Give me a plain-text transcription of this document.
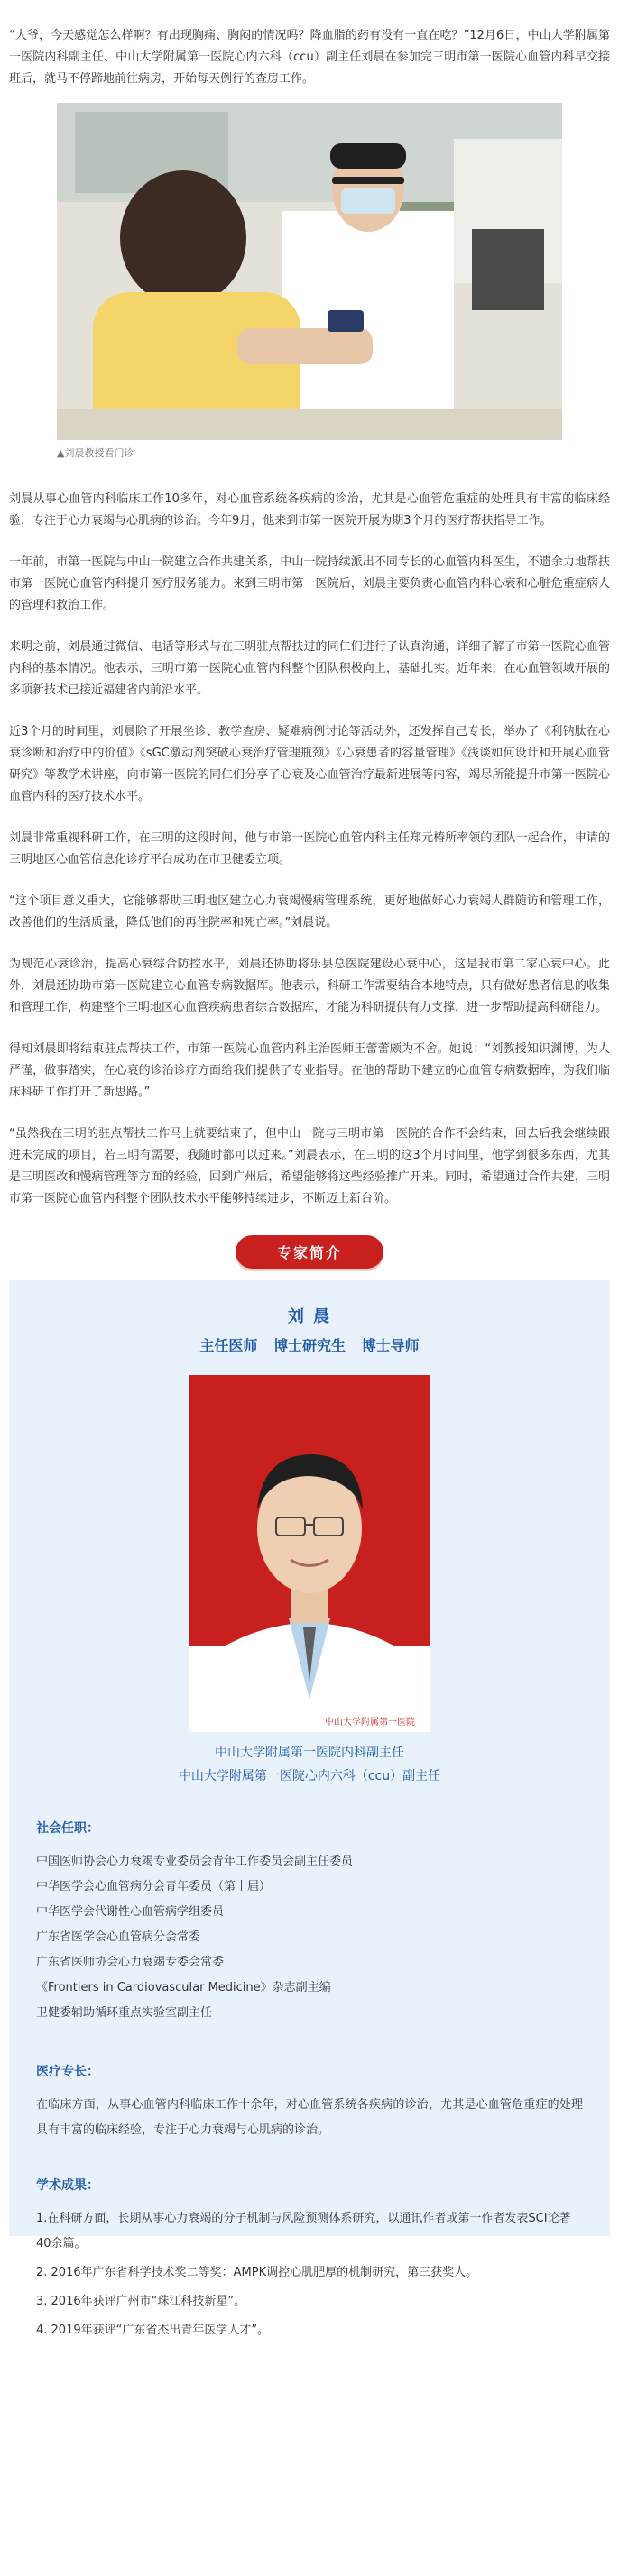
“大爷，今天感觉怎么样啊？有出现胸痛、胸闷的情况吗？降血脂的药有没有一直在吃？”12月6日，中山大学附属第一医院内科副主任、中山大学附属第一医院心内六科（ccu）副主任刘晨在参加完三明市第一医院心血管内科早交接班后，就马不停蹄地前往病房，开始每天例行的查房工作。

▲刘晨教授看门诊

刘晨从事心血管内科临床工作10多年，对心血管系统各疾病的诊治，尤其是心血管危重症的处理具有丰富的临床经验，专注于心力衰竭与心肌病的诊治。今年9月，他来到市第一医院开展为期3个月的医疗帮扶指导工作。

一年前，市第一医院与中山一院建立合作共建关系，中山一院持续派出不同专长的心血管内科医生，不遗余力地帮扶市第一医院心血管内科提升医疗服务能力。来到三明市第一医院后，刘晨主要负责心血管内科心衰和心脏危重症病人的管理和救治工作。

来明之前，刘晨通过微信、电话等形式与在三明驻点帮扶过的同仁们进行了认真沟通，详细了解了市第一医院心血管内科的基本情况。他表示，三明市第一医院心血管内科整个团队积极向上，基础扎实。近年来，在心血管领域开展的多项新技术已接近福建省内前沿水平。

近3个月的时间里，刘晨除了开展坐诊、教学查房、疑难病例讨论等活动外，还发挥自己专长，举办了《利钠肽在心衰诊断和治疗中的价值》《sGC激动剂突破心衰治疗管理瓶颈》《心衰患者的容量管理》《浅谈如何设计和开展心血管研究》等教学术讲座，向市第一医院的同仁们分享了心衰及心血管治疗最新进展等内容，竭尽所能提升市第一医院心血管内科的医疗技术水平。

刘晨非常重视科研工作，在三明的这段时间，他与市第一医院心血管内科主任郑元椿所率领的团队一起合作，申请的三明地区心血管信息化诊疗平台成功在市卫健委立项。

“这个项目意义重大，它能够帮助三明地区建立心力衰竭慢病管理系统，更好地做好心力衰竭人群随访和管理工作，改善他们的生活质量，降低他们的再住院率和死亡率。”刘晨说。

为规范心衰诊治，提高心衰综合防控水平，刘晨还协助将乐县总医院建设心衰中心，这是我市第二家心衰中心。此外，刘晨还协助市第一医院建立心血管专病数据库。他表示，科研工作需要结合本地特点，只有做好患者信息的收集和管理工作，构建整个三明地区心血管疾病患者综合数据库，才能为科研提供有力支撑，进一步帮助提高科研能力。

得知刘晨即将结束驻点帮扶工作，市第一医院心血管内科主治医师王蕾蕾颇为不舍。她说：“刘教授知识渊博，为人严谨，做事踏实，在心衰的诊治诊疗方面给我们提供了专业指导。在他的帮助下建立的心血管专病数据库，为我们临床科研工作打开了新思路。”

“虽然我在三明的驻点帮扶工作马上就要结束了，但中山一院与三明市第一医院的合作不会结束，回去后我会继续跟进未完成的项目，若三明有需要，我随时都可以过来。”刘晨表示，在三明的这3个月时间里，他学到很多东西，尤其是三明医改和慢病管理等方面的经验，回到广州后，希望能够将这些经验推广开来。同时，希望通过合作共建，三明市第一医院心血管内科整个团队技术水平能够持续进步，不断迈上新台阶。

专家简介
刘 晨
主任医师 博士研究生 博士导师
中山大学附属第一医院
中山大学附属第一医院内科副主任
中山大学附属第一医院心内六科（ccu）副主任
社会任职：
中国医师协会心力衰竭专业委员会青年工作委员会副主任委员
中华医学会心血管病分会青年委员（第十届）
中华医学会代谢性心血管病学组委员
广东省医学会心血管病分会常委
广东省医师协会心力衰竭专委会常委
《Frontiers in Cardiovascular Medicine》杂志副主编
卫健委辅助循环重点实验室副主任
医疗专长：

在临床方面，从事心血管内科临床工作十余年，对心血管系统各疾病的诊治，尤其是心血管危重症的处理具有丰富的临床经验，专注于心力衰竭与心肌病的诊治。

学术成果：
1.在科研方面，长期从事心力衰竭的分子机制与风险预测体系研究，以通讯作者或第一作者发表SCI论著40余篇。
2. 2016年广东省科学技术奖二等奖：AMPK调控心肌肥厚的机制研究，第三获奖人。
3. 2016年获评广州市“珠江科技新星”。
4. 2019年获评“广东省杰出青年医学人才”。
